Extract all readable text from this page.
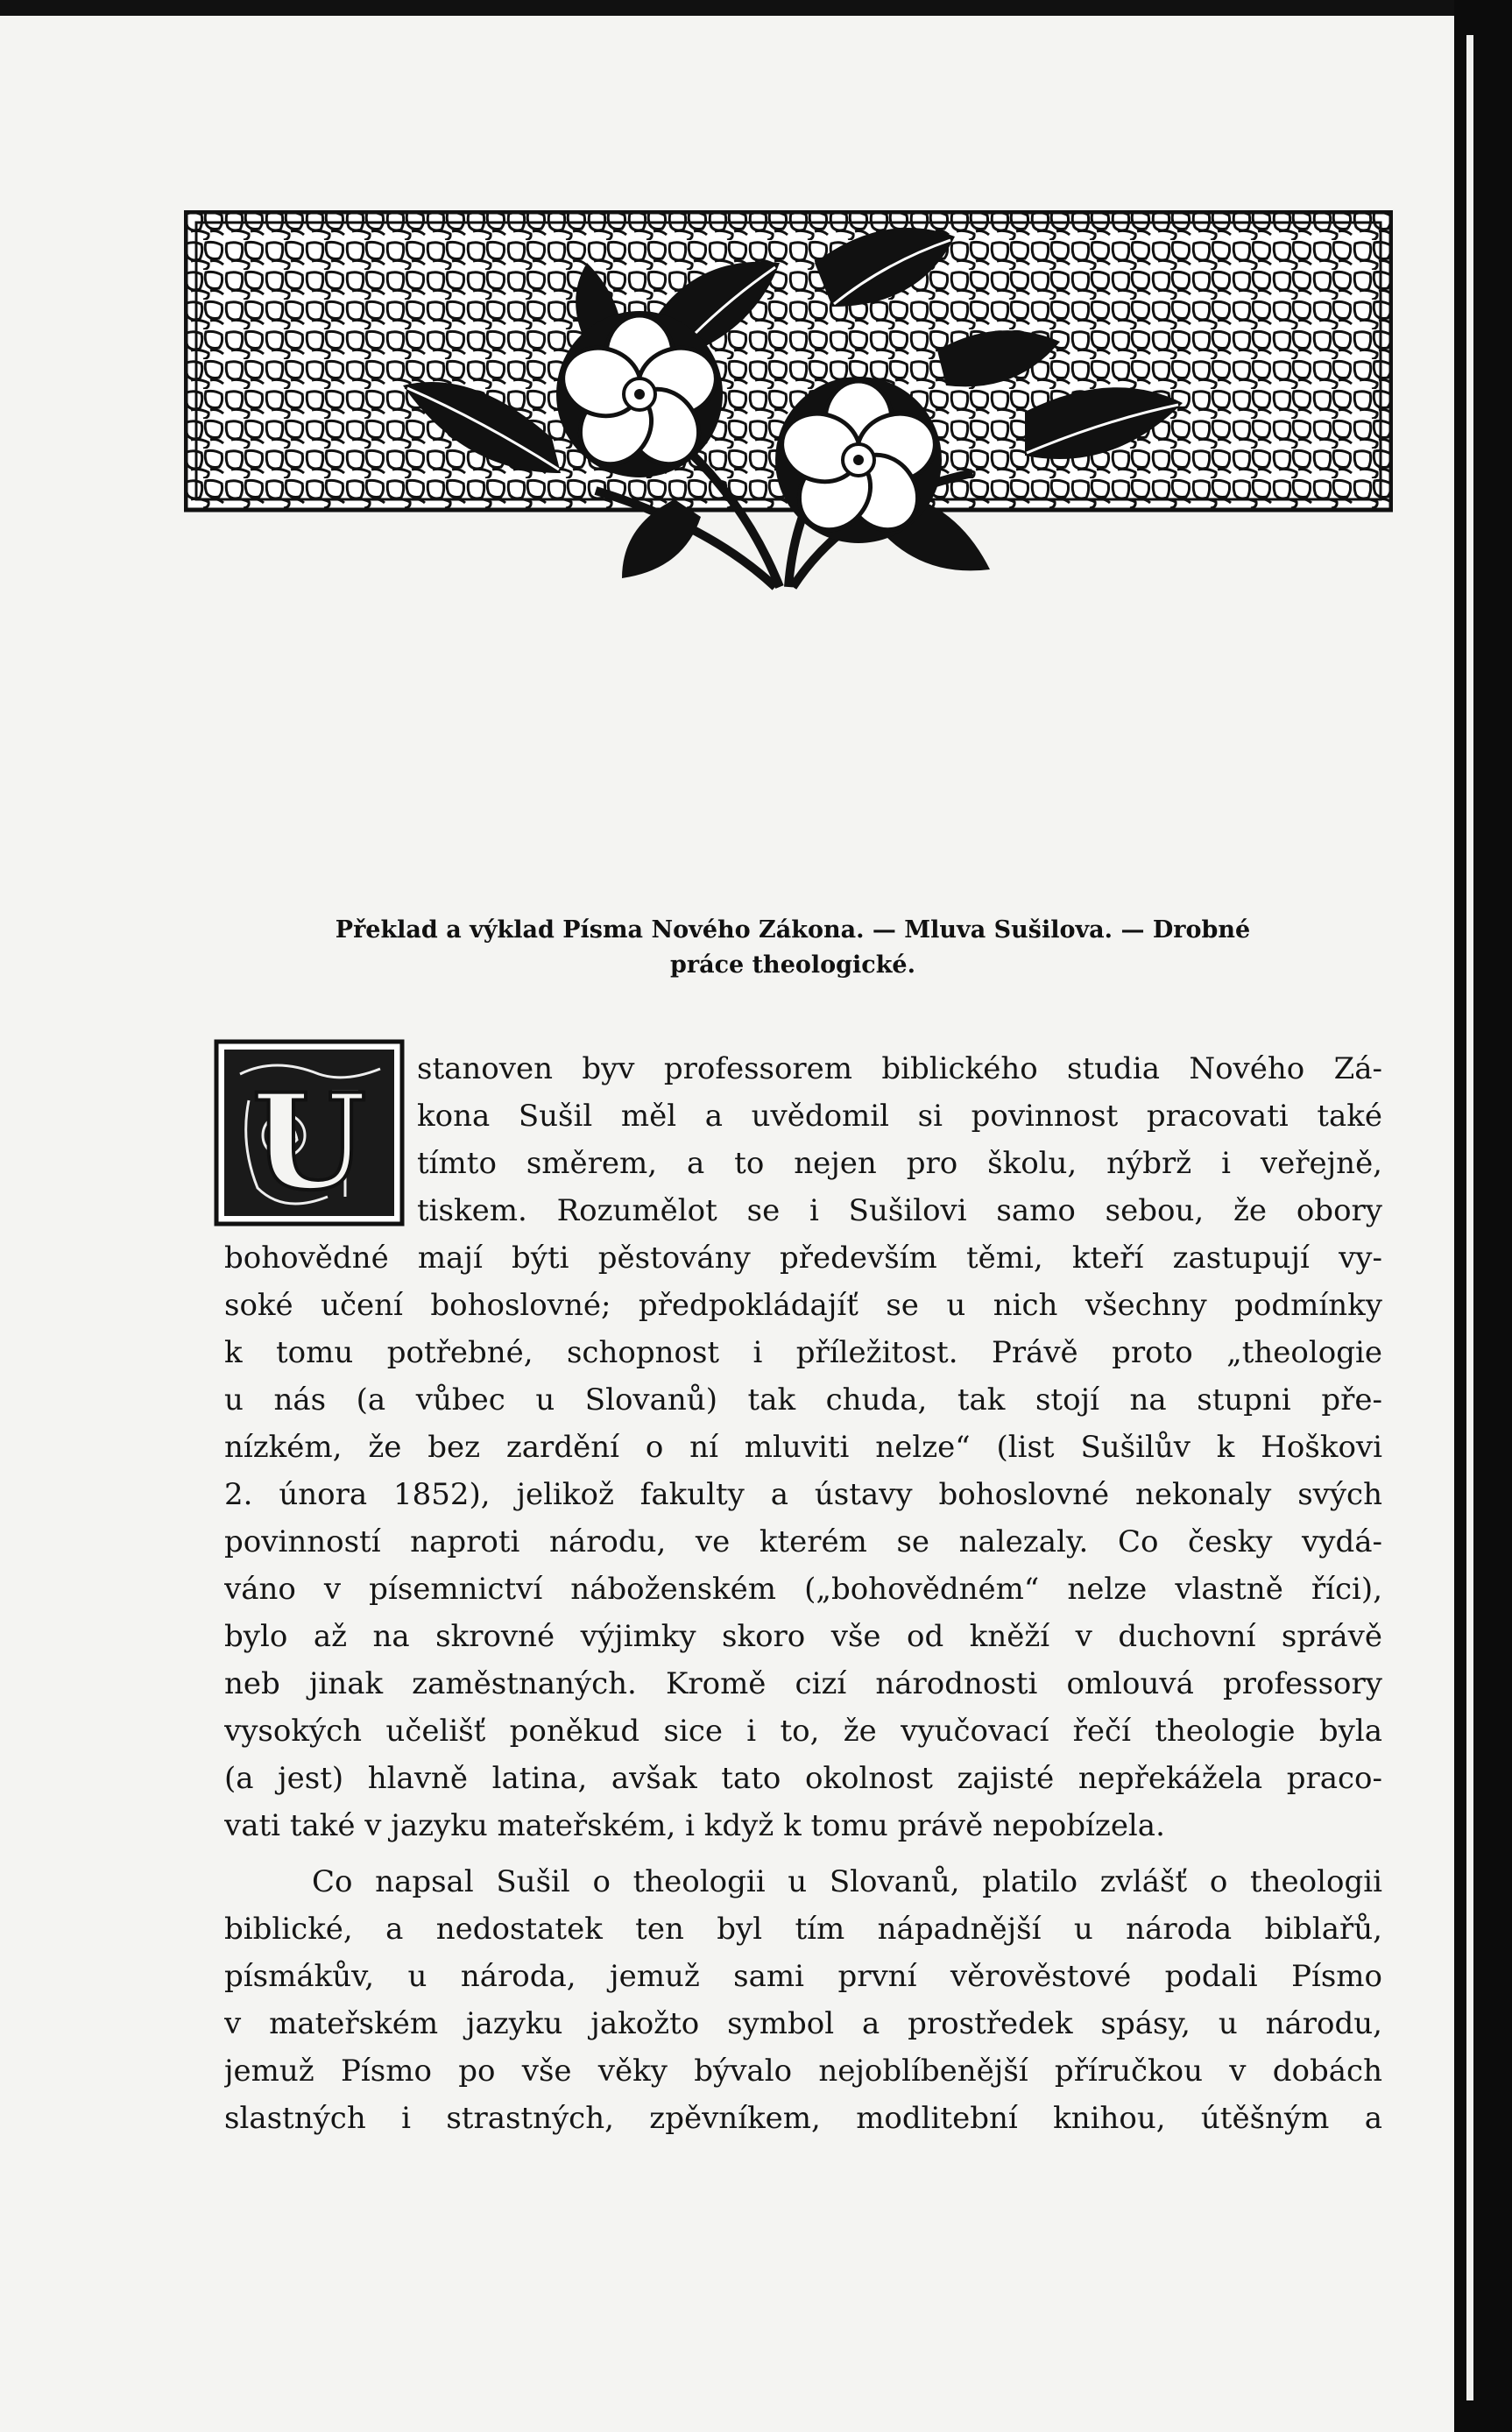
Překlad a výklad Písma Nového Zákona. — Mluva Sušilova. — Drobné
práce theologické.
U stanoven byv professorem biblického studia Nového Zá-
kona Sušil měl a uvědomil si povinnost pracovati také
tímto směrem, a to nejen pro školu, nýbrž i veřejně,
tiskem. Rozumělot se i Sušilovi samo sebou, že obory
bohovědné mají býti pěstovány především těmi, kteří zastupují vy-
soké učení bohoslovné; předpokládajíť se u nich všechny podmínky
k tomu potřebné, schopnost i příležitost. Právě proto „theologie
u nás (a vůbec u Slovanů) tak chuda, tak stojí na stupni pře-
nízkém, že bez zardění o ní mluviti nelze“ (list Sušilův k Hoškovi
2. února 1852), jelikož fakulty a ústavy bohoslovné nekonaly svých
povinností naproti národu, ve kterém se nalezaly. Co česky vydá-
váno v písemnictví náboženském („bohovědném“ nelze vlastně říci),
bylo až na skrovné výjimky skoro vše od kněží v duchovní správě
neb jinak zaměstnaných. Kromě cizí národnosti omlouvá professory
vysokých učelišť poněkud sice i to, že vyučovací řečí theologie byla
(a jest) hlavně latina, avšak tato okolnost zajisté nepřekážela praco-
vati také v jazyku mateřském, i když k tomu právě nepobízela.
Co napsal Sušil o theologii u Slovanů, platilo zvlášť o theologii
biblické, a nedostatek ten byl tím nápadnější u národa biblařů,
písmákův, u národa, jemuž sami první věrověstové podali Písmo
v mateřském jazyku jakožto symbol a prostředek spásy, u národu,
jemuž Písmo po vše věky bývalo nejoblíbenější příručkou v dobách
slastných i strastných, zpěvníkem, modlitební knihou, útěšným a
